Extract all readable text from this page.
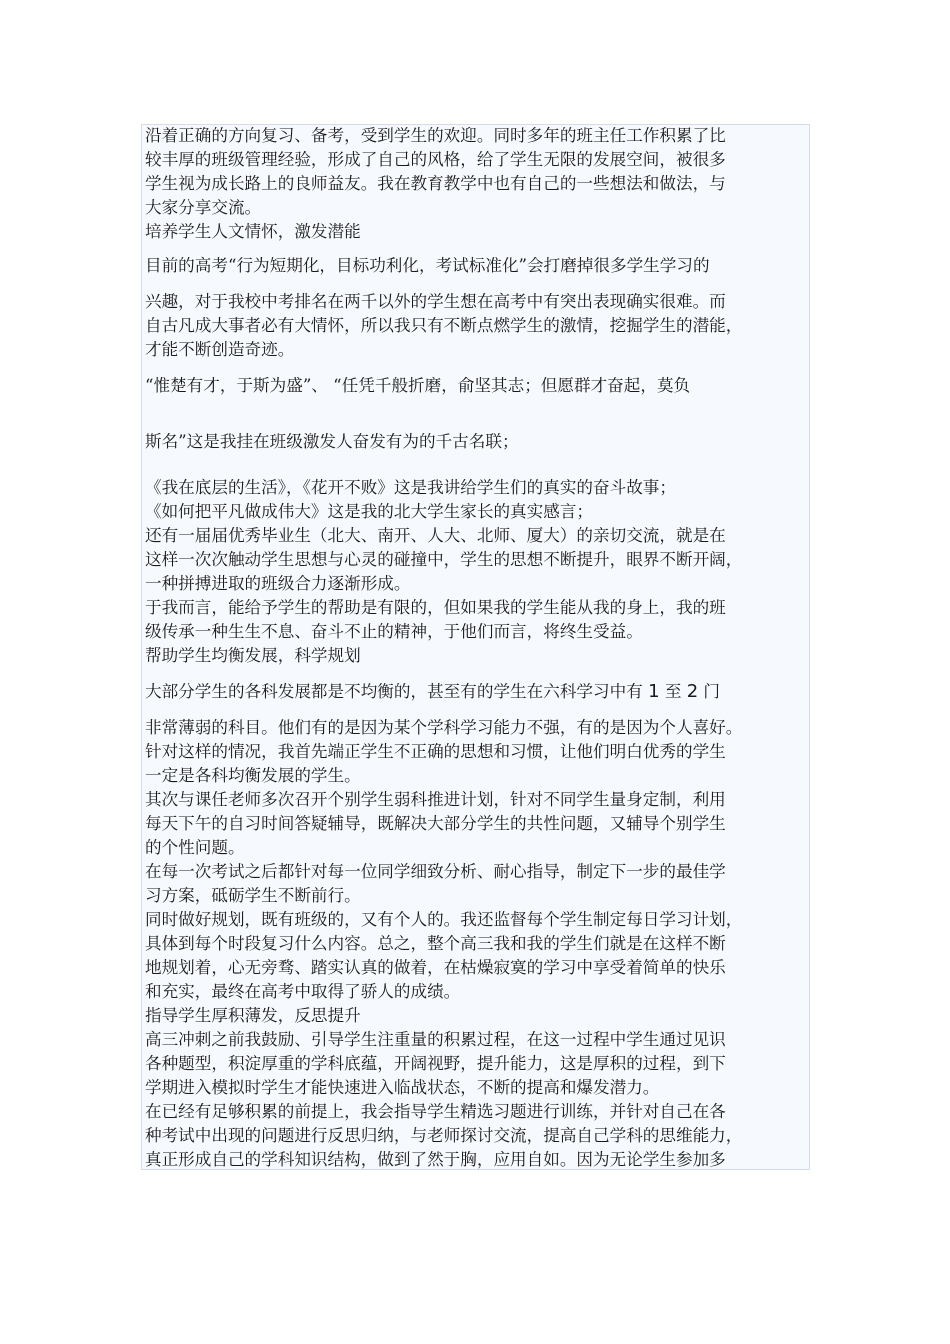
沿着正确的方向复习、备考，受到学生的欢迎。同时多年的班主任工作积累了比
较丰厚的班级管理经验，形成了自己的风格，给了学生无限的发展空间，被很多
学生视为成长路上的良师益友。我在教育教学中也有自己的一些想法和做法，与
大家分享交流。
培养学生人文情怀，激发潜能
目前的高考“行为短期化，目标功利化，考试标准化”会打磨掉很多学生学习的
兴趣，对于我校中考排名在两千以外的学生想在高考中有突出表现确实很难。而
自古凡成大事者必有大情怀，所以我只有不断点燃学生的激情，挖掘学生的潜能，
才能不断创造奇迹。
“惟楚有才，于斯为盛”、 “任凭千般折磨，俞坚其志；但愿群才奋起，莫负
斯名”这是我挂在班级激发人奋发有为的千古名联；
《我在底层的生活》，《花开不败》这是我讲给学生们的真实的奋斗故事；
《如何把平凡做成伟大》这是我的北大学生家长的真实感言；
还有一届届优秀毕业生（北大、南开、人大、北师、厦大）的亲切交流，就是在
这样一次次触动学生思想与心灵的碰撞中，学生的思想不断提升，眼界不断开阔，
一种拼搏进取的班级合力逐渐形成。
于我而言，能给予学生的帮助是有限的，但如果我的学生能从我的身上，我的班
级传承一种生生不息、奋斗不止的精神，于他们而言，将终生受益。
帮助学生均衡发展，科学规划
大部分学生的各科发展都是不均衡的，甚至有的学生在六科学习中有 1 至 2 门
非常薄弱的科目。他们有的是因为某个学科学习能力不强，有的是因为个人喜好。
针对这样的情况，我首先端正学生不正确的思想和习惯，让他们明白优秀的学生
一定是各科均衡发展的学生。
其次与课任老师多次召开个别学生弱科推进计划，针对不同学生量身定制，利用
每天下午的自习时间答疑辅导，既解决大部分学生的共性问题，又辅导个别学生
的个性问题。
在每一次考试之后都针对每一位同学细致分析、耐心指导，制定下一步的最佳学
习方案，砥砺学生不断前行。
同时做好规划，既有班级的，又有个人的。我还监督每个学生制定每日学习计划，
具体到每个时段复习什么内容。总之，整个高三我和我的学生们就是在这样不断
地规划着，心无旁骛、踏实认真的做着，在枯燥寂寞的学习中享受着简单的快乐
和充实，最终在高考中取得了骄人的成绩。
指导学生厚积薄发，反思提升
高三冲刺之前我鼓励、引导学生注重量的积累过程，在这一过程中学生通过见识
各种题型，积淀厚重的学科底蕴，开阔视野，提升能力，这是厚积的过程，到下
学期进入模拟时学生才能快速进入临战状态，不断的提高和爆发潜力。
在已经有足够积累的前提上，我会指导学生精选习题进行训练，并针对自己在各
种考试中出现的问题进行反思归纳，与老师探讨交流，提高自己学科的思维能力，
真正形成自己的学科知识结构，做到了然于胸，应用自如。因为无论学生参加多
